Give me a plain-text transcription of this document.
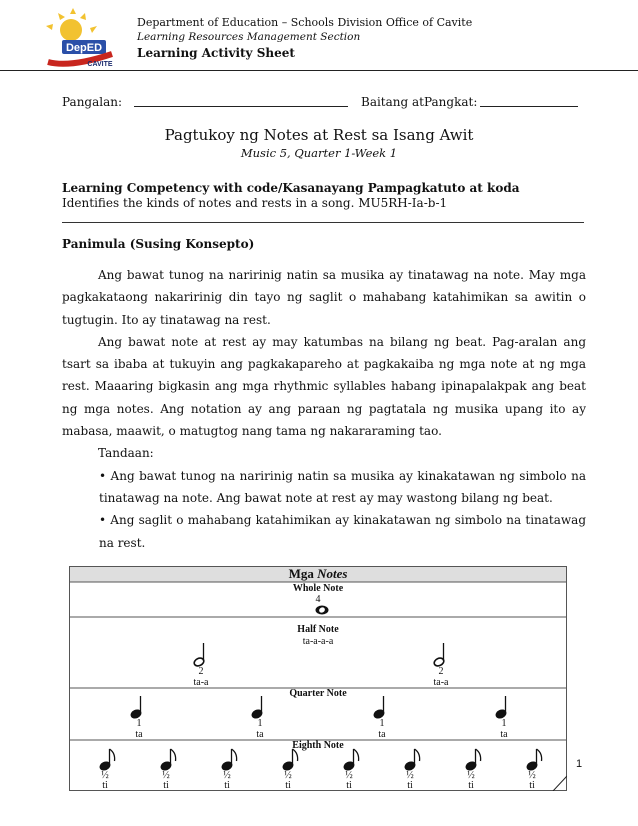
DepED
CAVITE
Department of Education – Schools Division Office of Cavite
Learning Resources Management Section
Learning Activity Sheet
Pangalan:	Baitang atPangkat:
Pagtukoy ng Notes at Rest sa Isang Awit
Music 5, Quarter 1-Week 1
Learning Competency with code/Kasanayang Pampagkatuto at koda
Identifies the kinds of notes and rests in a song. MU5RH-Ia-b-1
Panimula (Susing Konsepto)

Ang bawat tunog na naririnig natin sa musika ay tinatawag na note. May mga pagkakataong nakaririnig din tayo ng saglit o mahabang katahimikan sa awitin o tugtugin. Ito ay tinatawag na rest.

Ang bawat note at rest ay may katumbas na bilang ng beat. Pag-aralan ang tsart sa ibaba at tukuyin ang pagkakapareho at pagkakaiba ng mga note at ng mga rest. Maaaring bigkasin ang mga rhythmic syllables habang ipinapalakpak ang beat ng mga notes. Ang notation ay ang paraan ng pagtatala ng musika upang ito ay mabasa, maawit, o matugtog nang tama ng nakararaming tao.

Tandaan:

• Ang bawat tunog na naririnig natin sa musika ay kinakatawan ng simbolo na tinatawag na note. Ang bawat note at rest ay may wastong bilang ng beat.

• Ang saglit o mahabang katahimikan ay kinakatawan ng simbolo na tinatawag na rest.

Mga Notes
Whole Note
4
Half Note
ta-a-a-a
2
ta-a
2
ta-a
Quarter Note
1
ta
1
ta
1
ta
1
ta
Eighth Note
½
ti
½
ti
½
ti
½
ti
½
ti
½
ti
½
ti
½
ti
1
